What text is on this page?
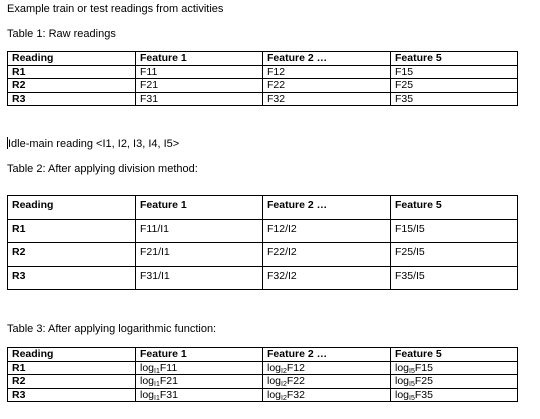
Example train or test readings from activities
Table 1: Raw readings
Reading	Feature 1	Feature 2 …	Feature 5
R1	F11	F12	F15
R2	F21	F22	F25
R3	F31	F32	F35
Idle-main reading <I1, I2, I3, I4, I5>
Table 2: After applying division method:
Reading	Feature 1	Feature 2 …	Feature 5
R1	F11/I1	F12/I2	F15/I5
R2	F21/I1	F22/I2	F25/I5
R3	F31/I1	F32/I2	F35/I5
Table 3: After applying logarithmic function:
Reading	Feature 1	Feature 2 …	Feature 5
R1	$\log_{I1}F11$	$\log_{I2}F12$	$\log_{I5}F15$
R2	$\log_{I1}F21$	$\log_{I2}F22$	$\log_{I5}F25$
R3	$\log_{I1}F31$	$\log_{I2}F32$	$\log_{I5}F35$
